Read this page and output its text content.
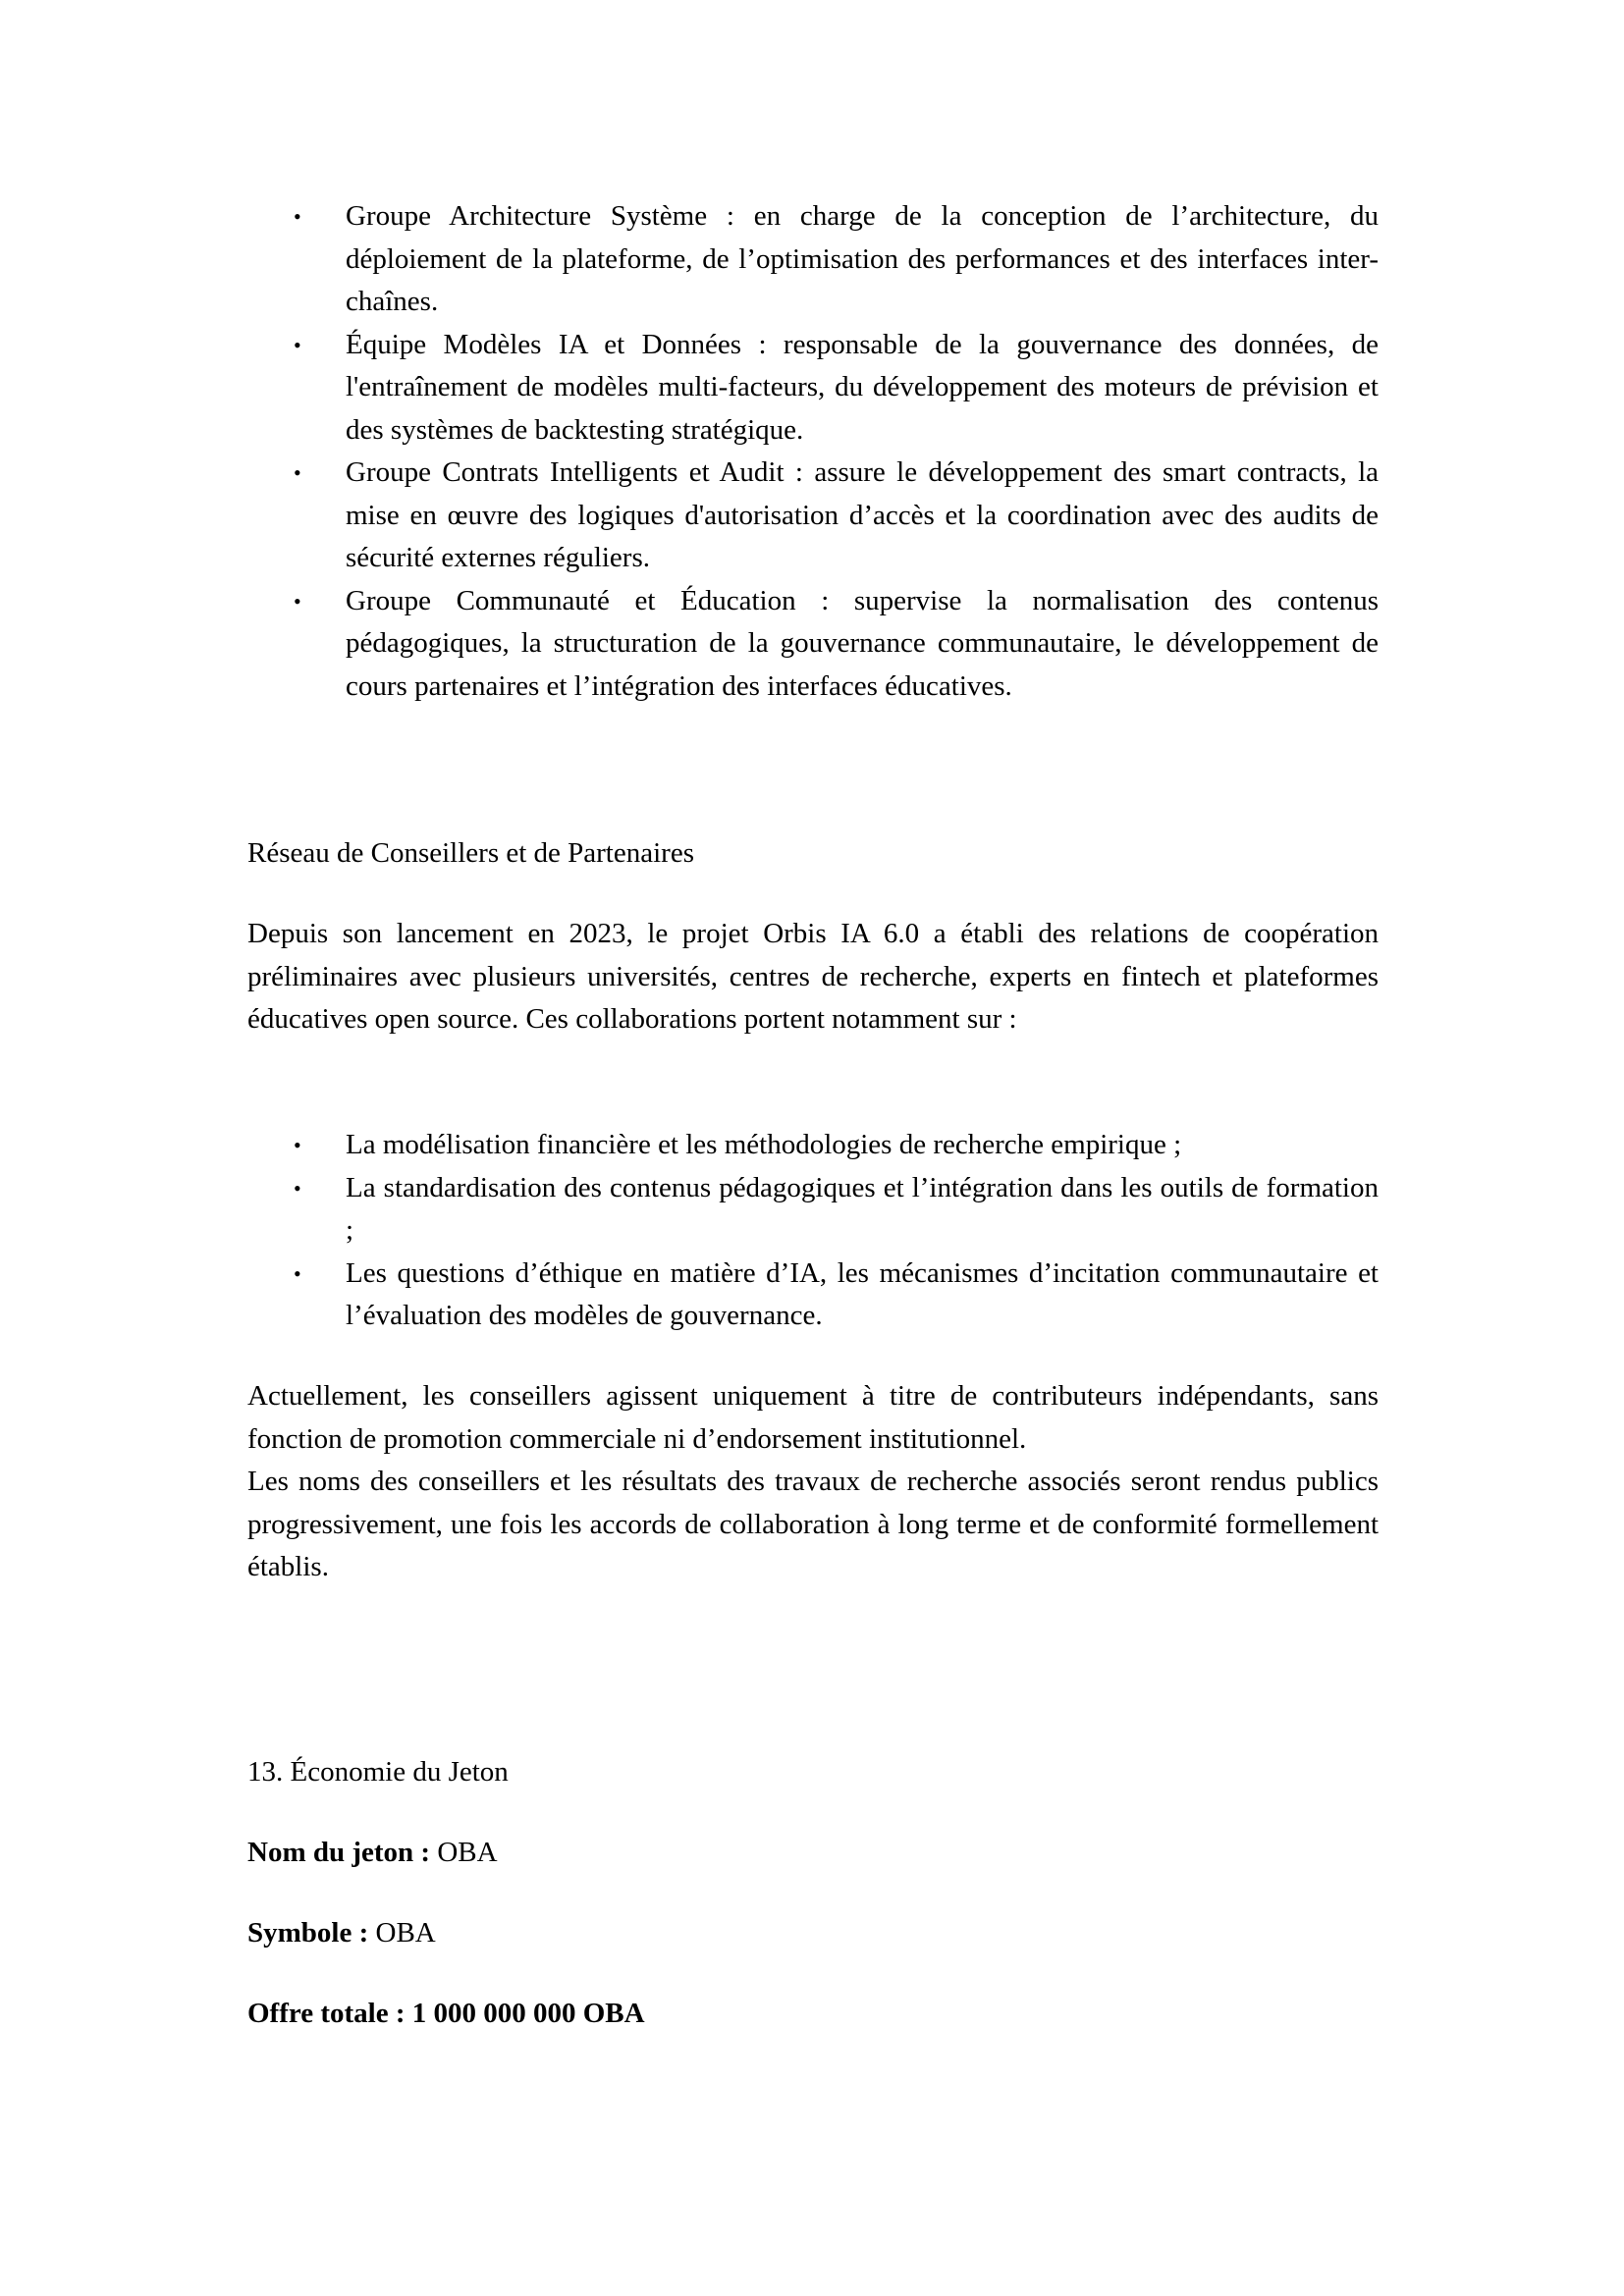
• Groupe Architecture Système : en charge de la conception de l’architecture, du déploiement de la plateforme, de l’optimisation des performances et des interfaces inter-chaînes.
• Équipe Modèles IA et Données : responsable de la gouvernance des données, de l'entraînement de modèles multi-facteurs, du développement des moteurs de prévision et des systèmes de backtesting stratégique.
• Groupe Contrats Intelligents et Audit : assure le développement des smart contracts, la mise en œuvre des logiques d'autorisation d’accès et la coordination avec des audits de sécurité externes réguliers.
• Groupe Communauté et Éducation : supervise la normalisation des contenus pédagogiques, la structuration de la gouvernance communautaire, le développement de cours partenaires et l’intégration des interfaces éducatives.

Réseau de Conseillers et de Partenaires

Depuis son lancement en 2023, le projet Orbis IA 6.0 a établi des relations de coopération préliminaires avec plusieurs universités, centres de recherche, experts en fintech et plateformes éducatives open source. Ces collaborations portent notamment sur :

• La modélisation financière et les méthodologies de recherche empirique ;
• La standardisation des contenus pédagogiques et l’intégration dans les outils de formation ;
• Les questions d’éthique en matière d’IA, les mécanismes d’incitation communautaire et l’évaluation des modèles de gouvernance.

Actuellement, les conseillers agissent uniquement à titre de contributeurs indépendants, sans fonction de promotion commerciale ni d’endorsement institutionnel.

Les noms des conseillers et les résultats des travaux de recherche associés seront rendus publics progressivement, une fois les accords de collaboration à long terme et de conformité formellement établis.

13. Économie du Jeton

Nom du jeton : OBA

Symbole : OBA

Offre totale : 1 000 000 000 OBA
